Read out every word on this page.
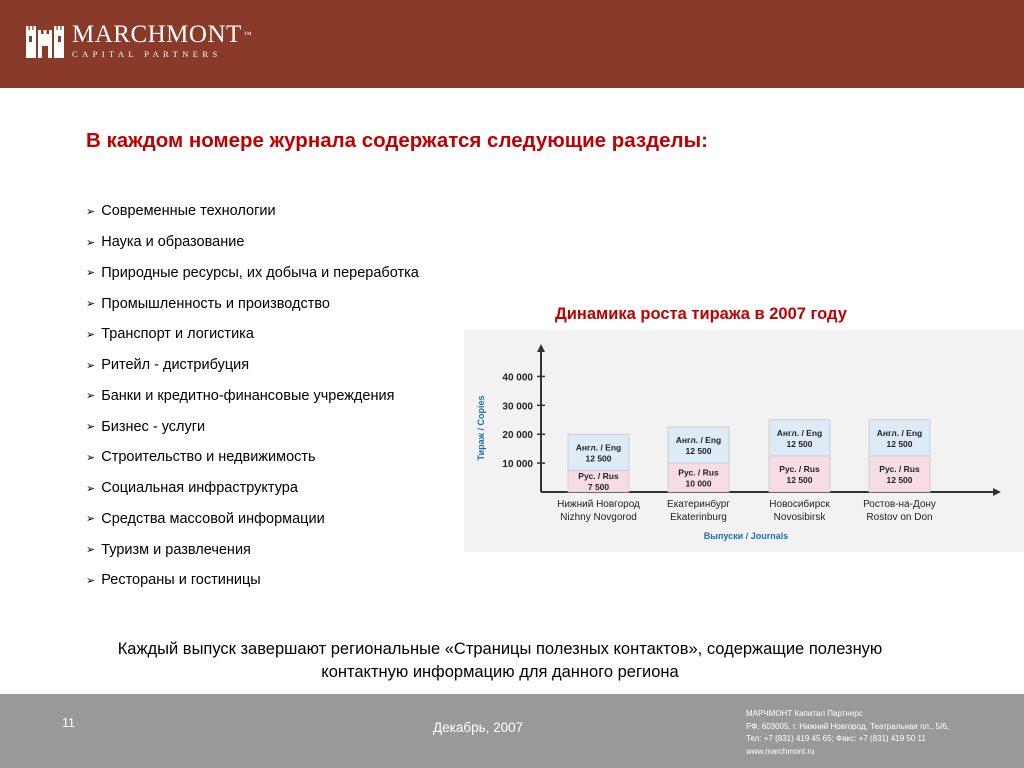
MARCHMONT ™
CAPITAL PARTNERS
В каждом номере журнала содержатся следующие разделы:
➢ Современные технологии
➢ Наука и образование
➢ Природные ресурсы, их добыча и переработка
➢ Промышленность и производство
➢ Транспорт и логистика
➢ Ритейл - дистрибуция
➢ Банки и кредитно-финансовые учреждения
➢ Бизнес - услуги
➢ Строительство и недвижимость
➢ Социальная инфраструктура
➢ Средства массовой информации
➢ Туризм и развлечения
➢ Рестораны и гостиницы
Динамика роста тиража в 2007 году
10 000
20 000
30 000
40 000
Тираж / Copies
Рус. / Rus
7 500
Англ. / Eng
12 500
Нижний Новгород
Nizhny Novgorod
Рус. / Rus
10 000
Англ. / Eng
12 500
Екатеринбург
Ekaterinburg
Рус. / Rus
12 500
Англ. / Eng
12 500
Новосибирск
Novosibirsk
Рус. / Rus
12 500
Англ. / Eng
12 500
Ростов-на-Дону
Rostov on Don
Выпуски / Journals

Каждый выпуск завершают региональные «Страницы полезных контактов», содержащие полезную контактную информацию для данного региона

11	Декабрь, 2007
МАРЧМОНТ Капитал Партнерс
РФ, 603005, г. Нижний Новгород, Театральная пл., 5/6,
Тел: +7 (831) 419 45 65; Факс: +7 (831) 419 50 11
www.marchmont.ru
